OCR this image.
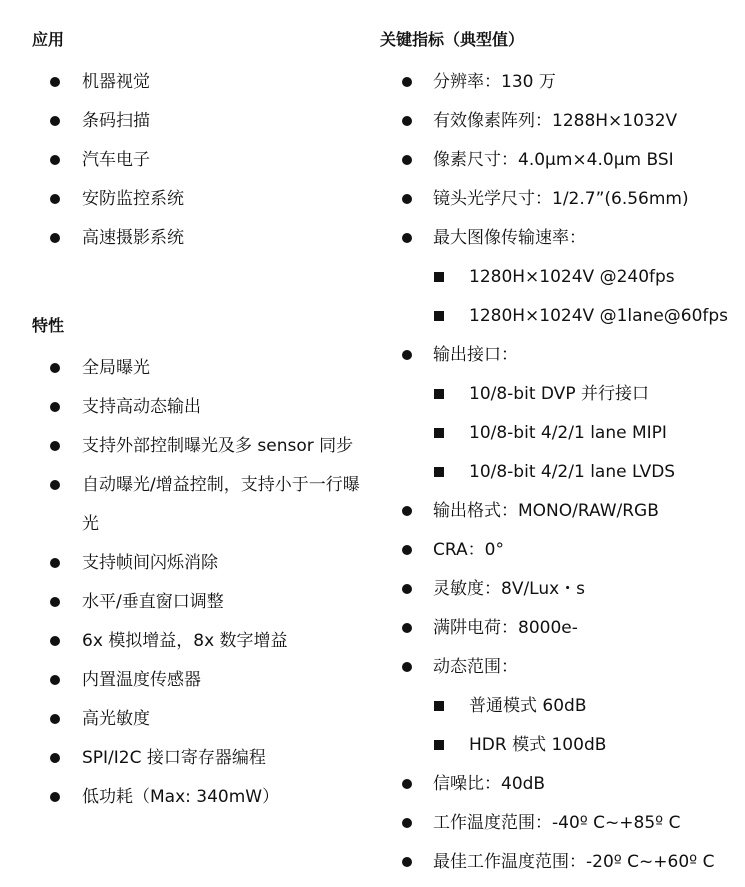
应用
机器视觉
条码扫描
汽车电子
安防监控系统
高速摄影系统
特性
全局曝光
支持高动态输出
支持外部控制曝光及多 sensor 同步
自动曝光/增益控制，支持小于一行曝光
支持帧间闪烁消除
水平/垂直窗口调整
6x 模拟增益，8x 数字增益
内置温度传感器
高光敏度
SPI/I2C 接口寄存器编程
低功耗（Max: 340mW）
关键指标（典型值）
分辨率：130 万
有效像素阵列：1288H×1032V
像素尺寸：4.0µm×4.0µm BSI
镜头光学尺寸：1/2.7”(6.56mm)
最大图像传输速率：
1280H×1024V @240fps
1280H×1024V @1lane@60fps
输出接口：
10/8-bit DVP 并行接口
10/8-bit 4/2/1 lane MIPI
10/8-bit 4/2/1 lane LVDS
输出格式：MONO/RAW/RGB
CRA：0°
灵敏度：8V/Lux・s
满阱电荷：8000e-
动态范围：
普通模式 60dB
HDR 模式 100dB
信噪比：40dB
工作温度范围：-40º C~+85º C
最佳工作温度范围：-20º C~+60º C
